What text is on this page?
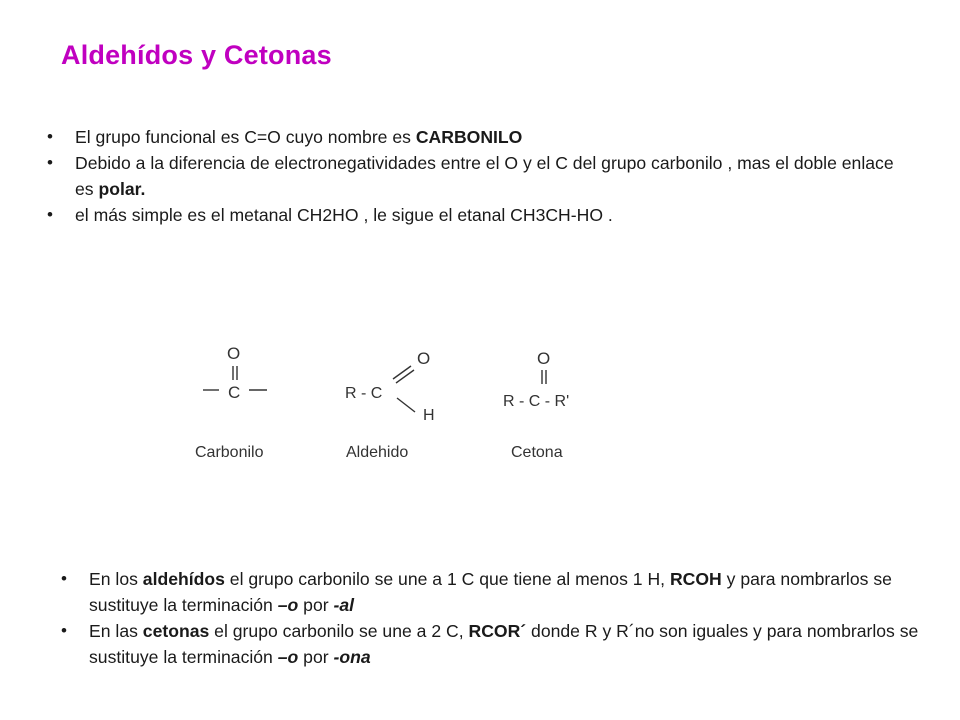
Aldehídos y Cetonas
• El grupo funcional es C=O cuyo nombre es CARBONILO
• Debido a la diferencia de electronegatividades entre el O y el C del grupo carbonilo , mas el doble enlace es polar.
• el más simple es el metanal CH2HO , le sigue el etanal CH3CH-HO .
O
C
Carbonilo
R - C
O
H
Aldehido
O
R - C - R'
Cetona
• En los aldehídos el grupo carbonilo se une a 1 C que tiene al menos 1 H, RCOH y para nombrarlos se sustituye la terminación –o por -al
• En las cetonas el grupo carbonilo se une a 2 C, RCOR´ donde R y R´no son iguales y para nombrarlos se sustituye la terminación –o por -ona
